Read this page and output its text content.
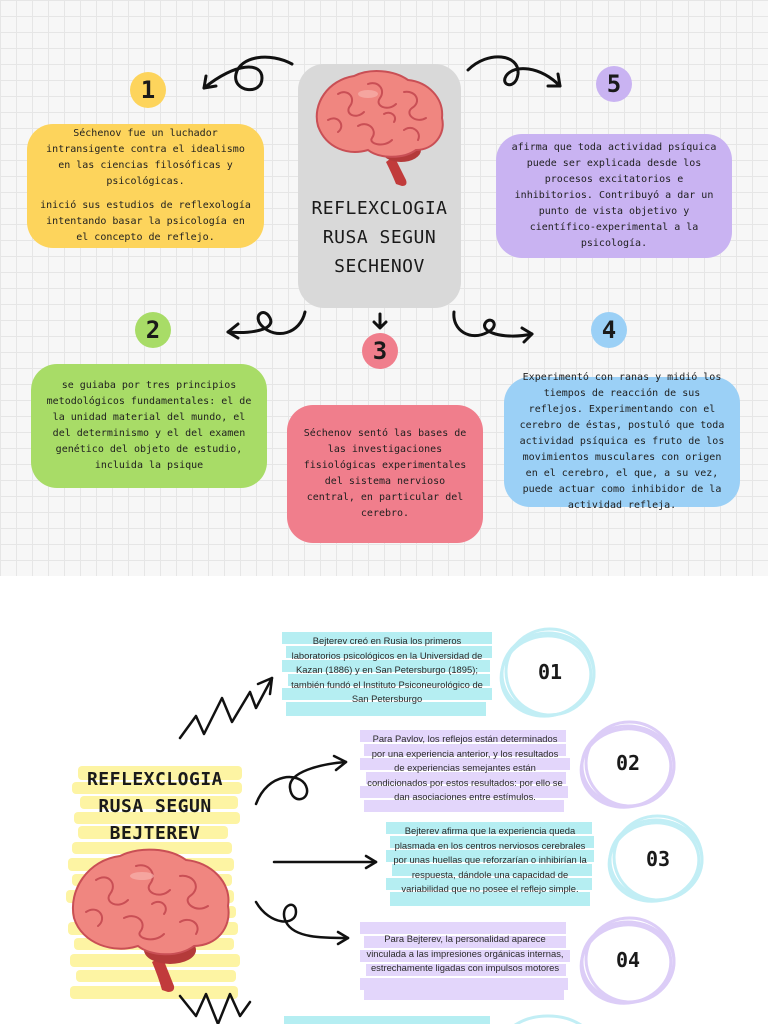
REFLEXCLOGIA
RUSA SEGUN
SECHENOV
1	5
2
3
4
Séchenov fue un luchador intransigente contra el idealismo en las ciencias filosóficas y psicológicas.
inició sus estudios de reflexología intentando basar la psicología en el concepto de reflejo.
afirma que toda actividad psíquica puede ser explicada desde los procesos excitatorios e inhibitorios. Contribuyó a dar un punto de vista objetivo y científico-experimental a la psicología.
se guiaba por tres principios metodológicos fundamentales: el de la unidad material del mundo, el del determinismo y el del examen genético del objeto de estudio, incluida la psique
Séchenov sentó las bases de las investigaciones fisiológicas experimentales del sistema nervioso central, en particular del cerebro.
Experimentó con ranas y midió los tiempos de reacción de sus reflejos. Experimentando con el cerebro de éstas, postuló que toda actividad psíquica es fruto de los movimientos musculares con origen en el cerebro, el que, a su vez, puede actuar como inhibidor de la actividad refleja.
REFLEXCLOGIA
RUSA SEGUN
BEJTEREV
Bejterev creó en Rusia los primeros laboratorios psicológicos en la Universidad de Kazan (1886) y en San Petersburgo (1895); también fundó el Instituto Psiconeurológico de San Petersburgo
Para Pavlov, los reflejos están determinados por una experiencia anterior, y los resultados de experiencias semejantes están condicionados por estos resultados: por ello se dan asociaciones entre estímulos.
Bejterev afirma que la experiencia queda plasmada en los centros nerviosos cerebrales por unas huellas que reforzarían o inhibirían la respuesta, dándole una capacidad de variabilidad que no posee el reflejo simple.
Para Bejterev, la personalidad aparece vinculada a las impresiones orgánicas internas, estrechamente ligadas con impulsos motores
01
02
03
04
